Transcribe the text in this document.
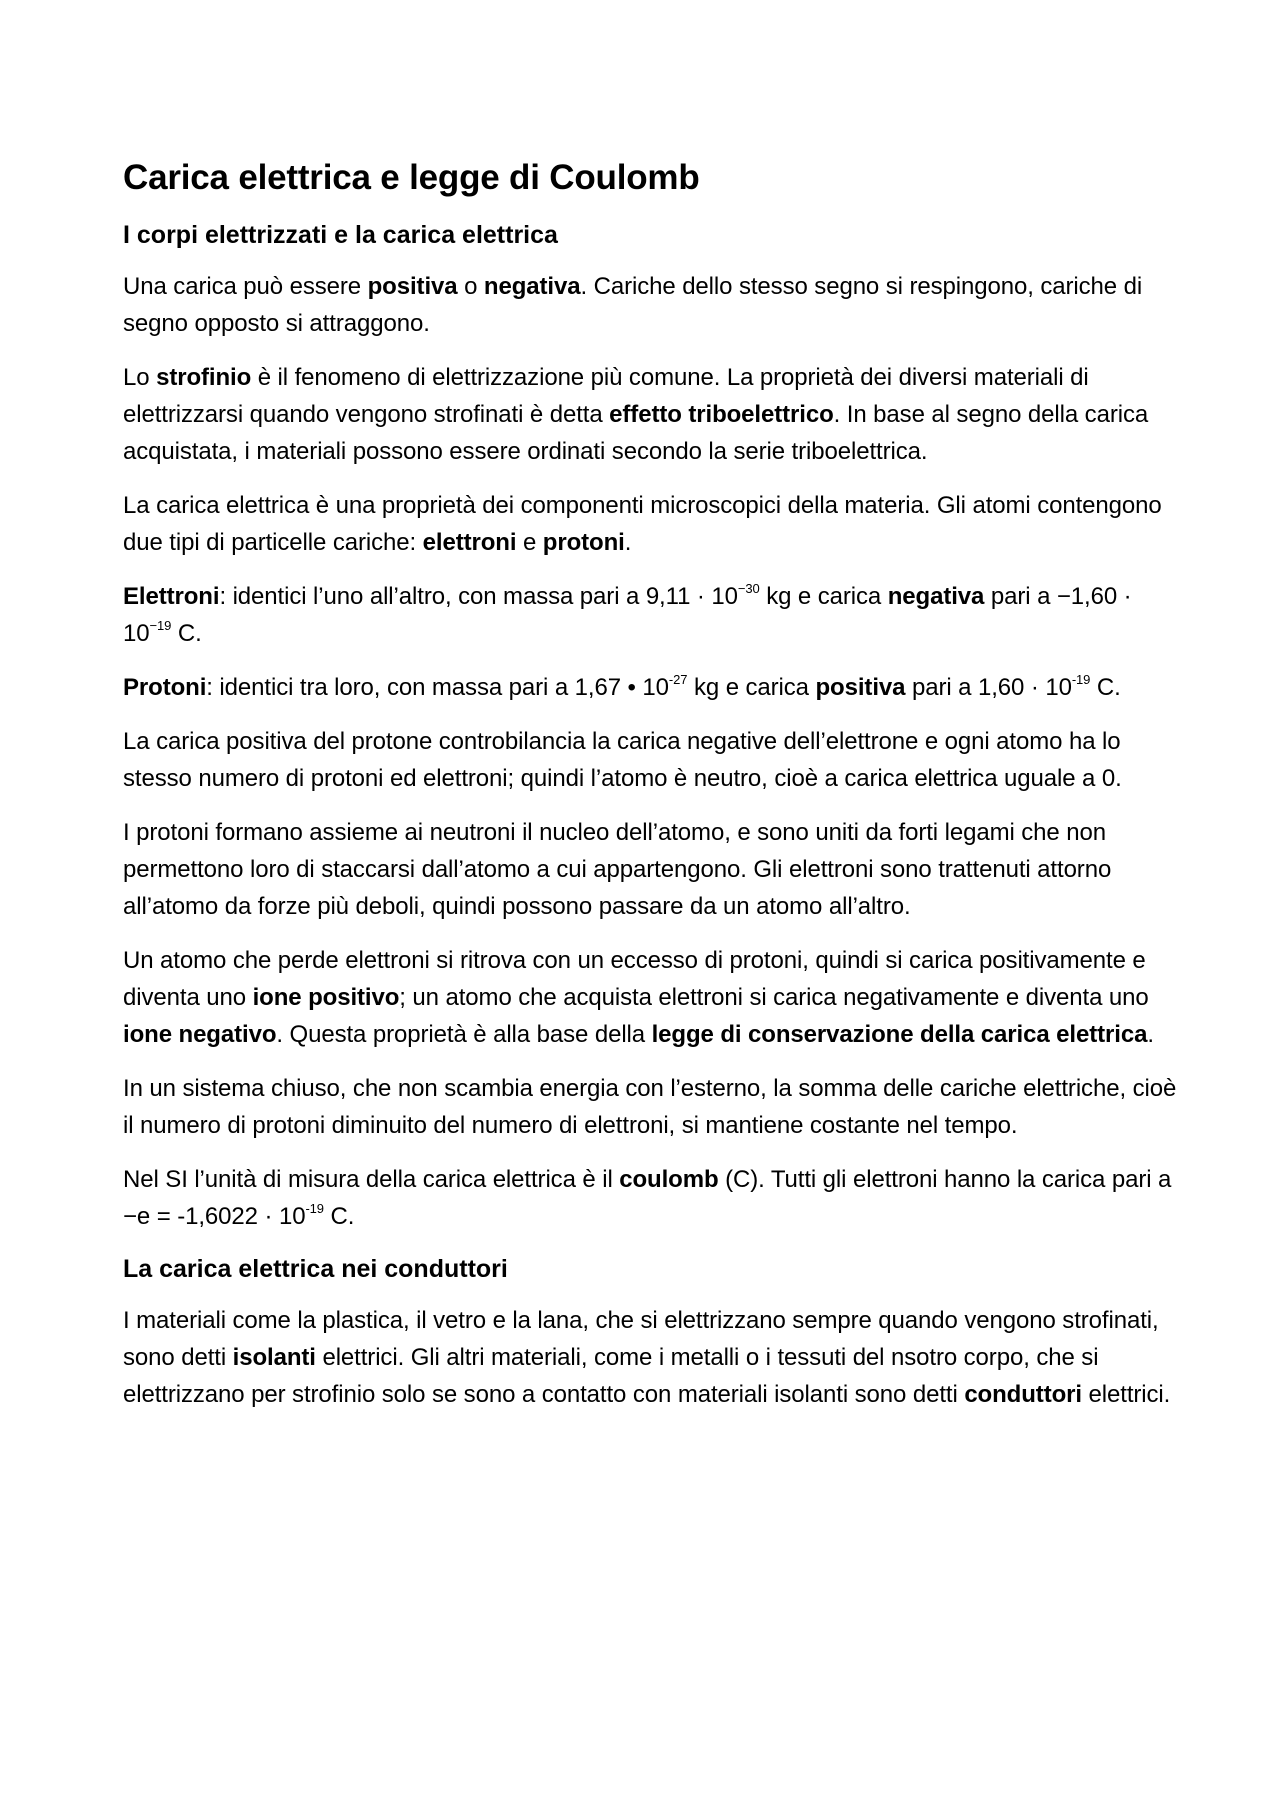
Carica elettrica e legge di Coulomb
I corpi elettrizzati e la carica elettrica

Una carica può essere positiva o negativa. Cariche dello stesso segno si respingono, cariche di segno opposto si attraggono.

Lo strofinio è il fenomeno di elettrizzazione più comune. La proprietà dei diversi materiali di elettrizzarsi quando vengono strofinati è detta effetto triboelettrico. In base al segno della carica acquistata, i materiali possono essere ordinati secondo la serie triboelettrica.

La carica elettrica è una proprietà dei componenti microscopici della materia. Gli atomi contengono due tipi di particelle cariche: elettroni e protoni.

Elettroni: identici l’uno all’altro, con massa pari a $9,11 \cdot 10^{-30}$ kg e carica negativa pari $a -1,60 \cdot 10^{-19}$ C.

Protoni: identici tra loro, con massa pari a 1,67 • $10^{-27}$ kg e carica positiva pari a $1,60 \cdot 10^{-19}$ C.

La carica positiva del protone controbilancia la carica negative dell’elettrone e ogni atomo ha lo stesso numero di protoni ed elettroni; quindi l’atomo è neutro, cioè a carica elettrica uguale a 0.

I protoni formano assieme ai neutroni il nucleo dell’atomo, e sono uniti da forti legami che non permettono loro di staccarsi dall’atomo a cui appartengono. Gli elettroni sono trattenuti attorno all’atomo da forze più deboli, quindi possono passare da un atomo all’altro.

Un atomo che perde elettroni si ritrova con un eccesso di protoni, quindi si carica positivamente e diventa uno ione positivo; un atomo che acquista elettroni si carica negativamente e diventa uno ione negativo. Questa proprietà è alla base della legge di conservazione della carica elettrica.

In un sistema chiuso, che non scambia energia con l’esterno, la somma delle cariche elettriche, cioè il numero di protoni diminuito del numero di elettroni, si mantiene costante nel tempo.

Nel SI l’unità di misura della carica elettrica è il coulomb (C). Tutti gli elettroni hanno la carica pari $a -e = -1,6022 \cdot 10^{-19}$ C.

La carica elettrica nei conduttori

I materiali come la plastica, il vetro e la lana, che si elettrizzano sempre quando vengono strofinati, sono detti isolanti elettrici. Gli altri materiali, come i metalli o i tessuti del nsotro corpo, che si elettrizzano per strofinio solo se sono a contatto con materiali isolanti sono detti conduttori elettrici.
